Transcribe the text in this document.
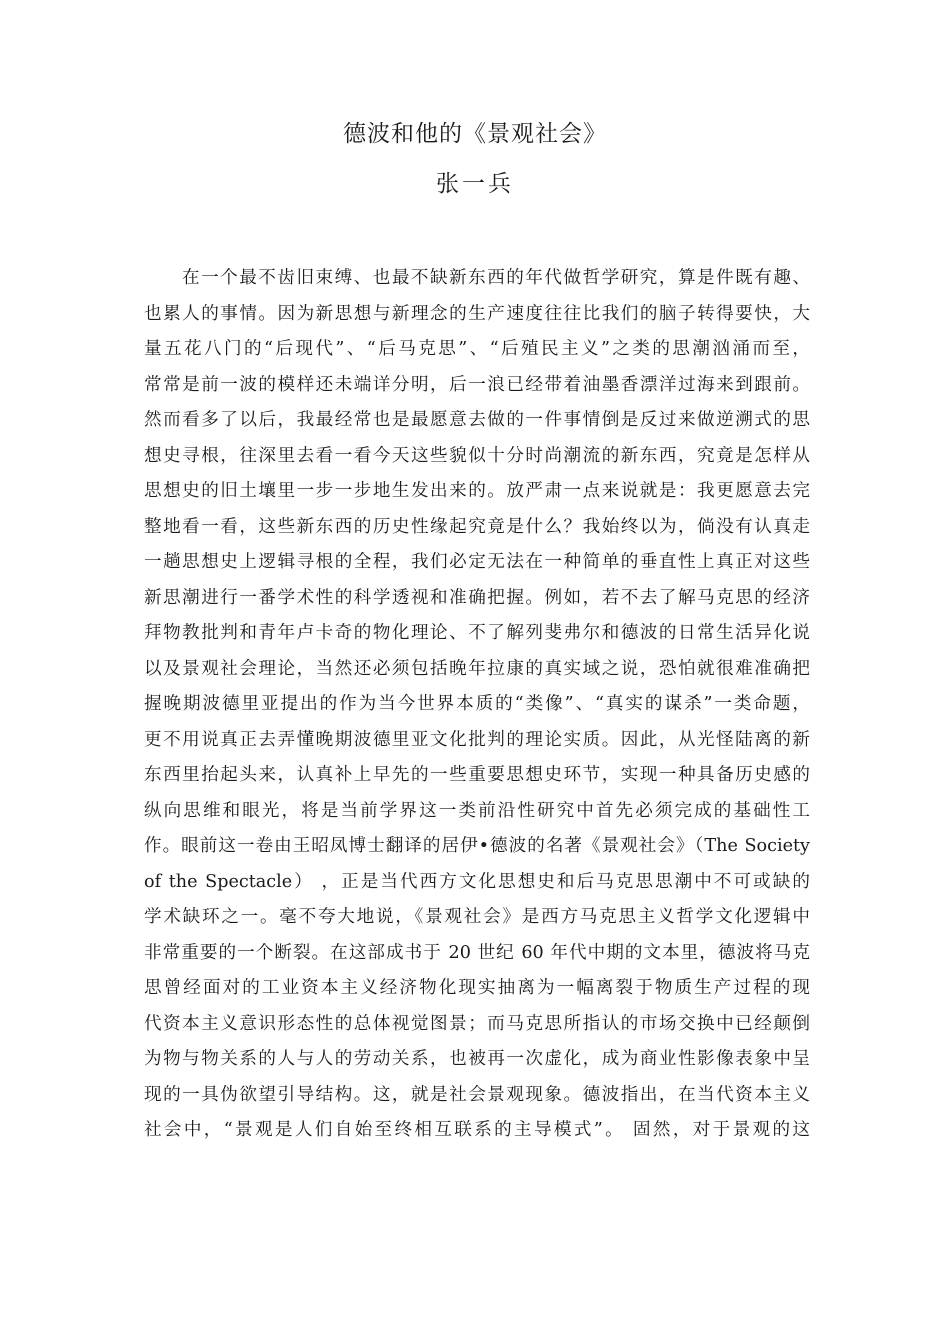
德波和他的《景观社会》
张一兵
在一个最不齿旧束缚、也最不缺新东西的年代做哲学研究，算是件既有趣、
也累人的事情。因为新思想与新理念的生产速度往往比我们的脑子转得要快，大
量五花八门的“后现代”、“后马克思”、“后殖民主义”之类的思潮汹涌而至，
常常是前一波的模样还未端详分明，后一浪已经带着油墨香漂洋过海来到跟前。
然而看多了以后，我最经常也是最愿意去做的一件事情倒是反过来做逆溯式的思
想史寻根，往深里去看一看今天这些貌似十分时尚潮流的新东西，究竟是怎样从
思想史的旧土壤里一步一步地生发出来的。放严肃一点来说就是：我更愿意去完
整地看一看，这些新东西的历史性缘起究竟是什么？我始终以为，倘没有认真走
一趟思想史上逻辑寻根的全程，我们必定无法在一种简单的垂直性上真正对这些
新思潮进行一番学术性的科学透视和准确把握。例如，若不去了解马克思的经济
拜物教批判和青年卢卡奇的物化理论、不了解列斐弗尔和德波的日常生活异化说
以及景观社会理论，当然还必须包括晚年拉康的真实域之说，恐怕就很难准确把
握晚期波德里亚提出的作为当今世界本质的“类像”、“真实的谋杀”一类命题，
更不用说真正去弄懂晚期波德里亚文化批判的理论实质。因此，从光怪陆离的新
东西里抬起头来，认真补上早先的一些重要思想史环节，实现一种具备历史感的
纵向思维和眼光，将是当前学界这一类前沿性研究中首先必须完成的基础性工
作。眼前这一卷由王昭凤博士翻译的居伊•德波的名著《景观社会》（The Society
of the Spectacle） ，正是当代西方文化思想史和后马克思思潮中不可或缺的
学术缺环之一。毫不夸大地说，《景观社会》是西方马克思主义哲学文化逻辑中
非常重要的一个断裂。在这部成书于 20 世纪 60 年代中期的文本里，德波将马克
思曾经面对的工业资本主义经济物化现实抽离为一幅离裂于物质生产过程的现
代资本主义意识形态性的总体视觉图景；而马克思所指认的市场交换中已经颠倒
为物与物关系的人与人的劳动关系，也被再一次虚化，成为商业性影像表象中呈
现的一具伪欲望引导结构。这，就是社会景观现象。德波指出，在当代资本主义
社会中，“景观是人们自始至终相互联系的主导模式”。 固然，对于景观的这
